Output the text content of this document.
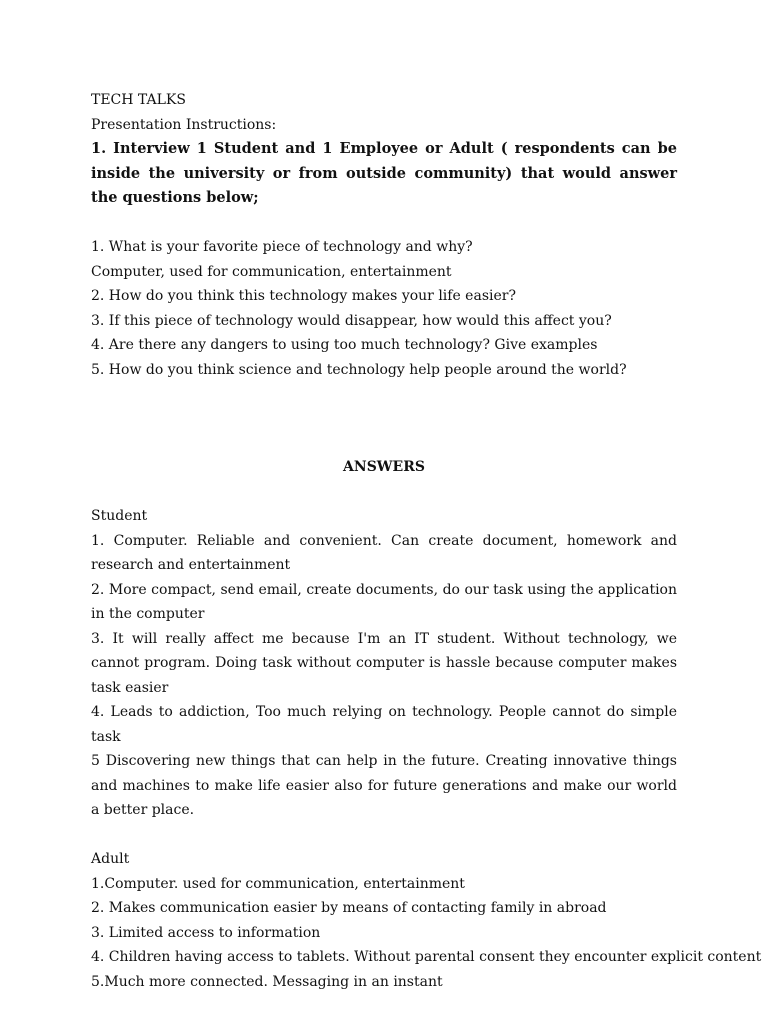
TECH TALKS

Presentation Instructions:

1. Interview 1 Student and 1 Employee or Adult ( respondents can be inside the university or from outside community) that would answer the questions below;

1. What is your favorite piece of technology and why?

Computer, used for communication, entertainment

2. How do you think this technology makes your life easier?

3. If this piece of technology would disappear, how would this affect you?

4. Are there any dangers to using too much technology? Give examples

5. How do you think science and technology help people around the world?

ANSWERS

Student

1. Computer. Reliable and convenient. Can create document, homework and research and entertainment

2. More compact, send email, create documents, do our task using the application in the computer

3. It will really affect me because I'm an IT student. Without technology, we cannot program. Doing task without computer is hassle because computer makes task easier

4. Leads to addiction, Too much relying on technology. People cannot do simple task

5 Discovering new things that can help in the future. Creating innovative things and machines to make life easier also for future generations and make our world a better place.

Adult

1.Computer. used for communication, entertainment

2. Makes communication easier by means of contacting family in abroad

3. Limited access to information

4. Children having access to tablets. Without parental consent they encounter explicit content

5.Much more connected. Messaging in an instant
